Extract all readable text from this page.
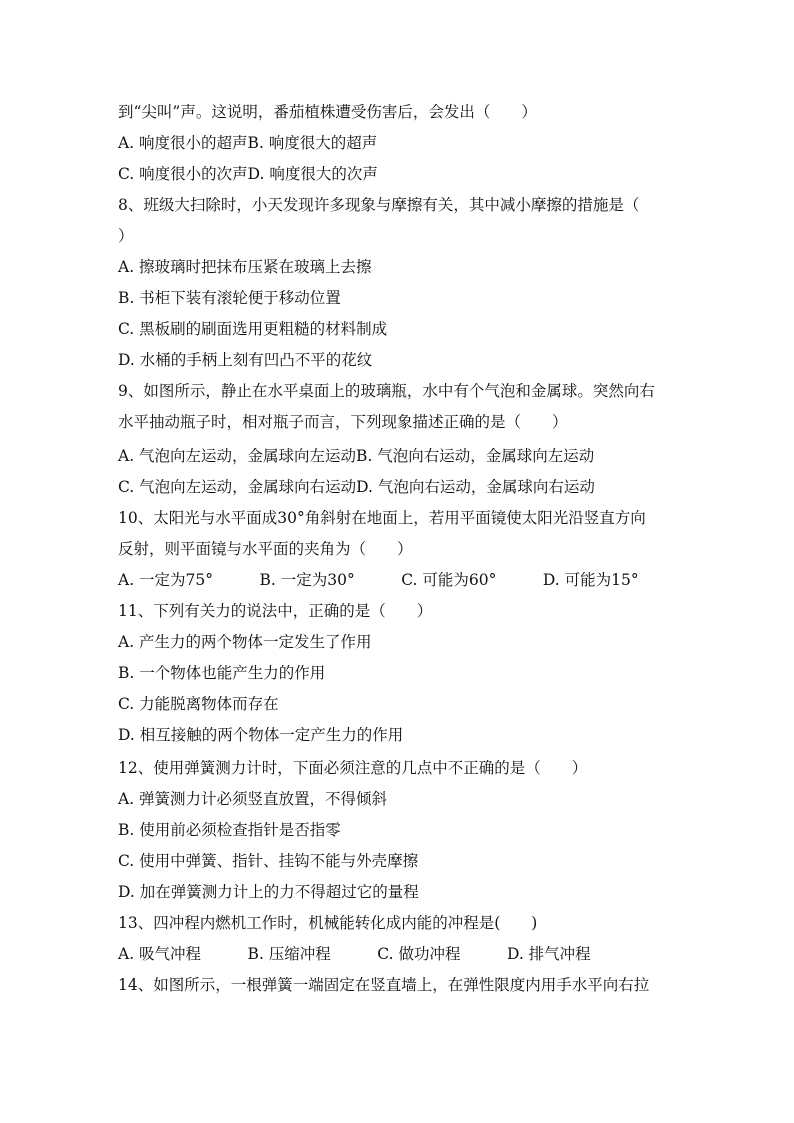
到“尖叫”声。这说明，番茄植株遭受伤害后，会发出（　　）
A. 响度很小的超声B. 响度很大的超声
C. 响度很小的次声D. 响度很大的次声
8、班级大扫除时，小天发现许多现象与摩擦有关，其中减小摩擦的措施是（
）
A. 擦玻璃时把抹布压紧在玻璃上去擦
B. 书柜下装有滚轮便于移动位置
C. 黑板刷的刷面选用更粗糙的材料制成
D. 水桶的手柄上刻有凹凸不平的花纹
9、如图所示，静止在水平桌面上的玻璃瓶，水中有个气泡和金属球。突然向右
水平抽动瓶子时，相对瓶子而言，下列现象描述正确的是（　　）
A. 气泡向左运动，金属球向左运动B. 气泡向右运动，金属球向左运动
C. 气泡向左运动，金属球向右运动D. 气泡向右运动，金属球向右运动
10、太阳光与水平面成30°角斜射在地面上，若用平面镜使太阳光沿竖直方向
反射，则平面镜与水平面的夹角为（　　）
A. 一定为75°　　　B. 一定为30°　　　C. 可能为60°　　　D. 可能为15°
11、下列有关力的说法中，正确的是（　　）
A. 产生力的两个物体一定发生了作用
B. 一个物体也能产生力的作用
C. 力能脱离物体而存在
D. 相互接触的两个物体一定产生力的作用
12、使用弹簧测力计时，下面必须注意的几点中不正确的是（　　）
A. 弹簧测力计必须竖直放置，不得倾斜
B. 使用前必须检查指针是否指零
C. 使用中弹簧、指针、挂钩不能与外壳摩擦
D. 加在弹簧测力计上的力不得超过它的量程
13、四冲程内燃机工作时，机械能转化成内能的冲程是(　　)
A. 吸气冲程　　　B. 压缩冲程　　　C. 做功冲程　　　D. 排气冲程
14、如图所示，一根弹簧一端固定在竖直墙上，在弹性限度内用手水平向右拉
